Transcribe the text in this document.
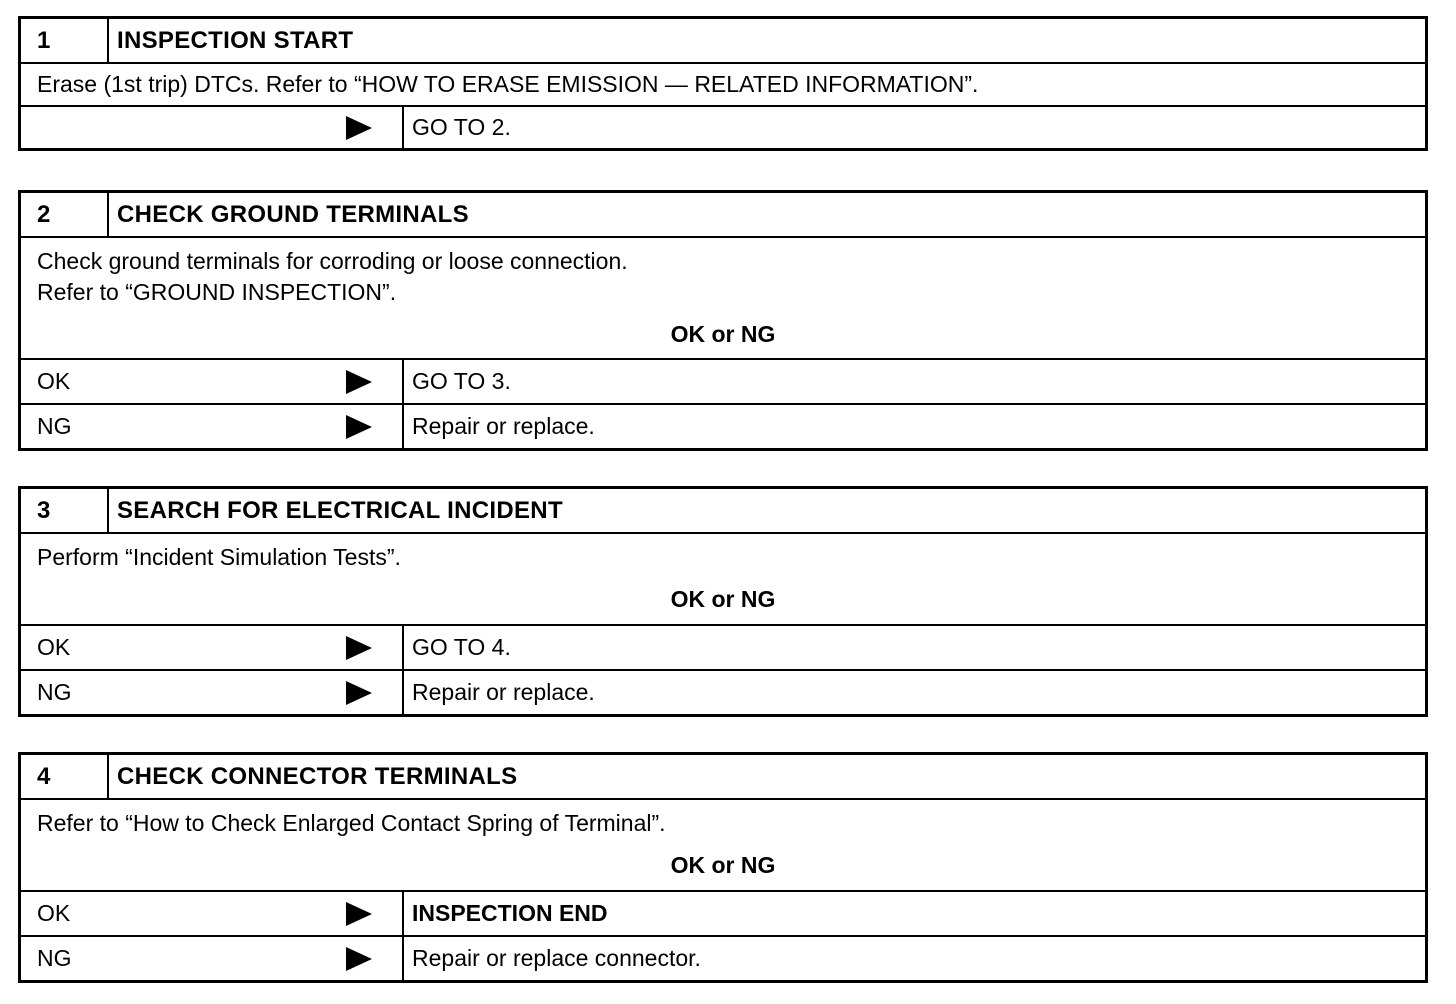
1	INSPECTION START

Erase (1st trip) DTCs. Refer to “HOW TO ERASE EMISSION — RELATED INFORMATION”.

GO TO 2.
2	CHECK GROUND TERMINALS

Check ground terminals for corroding or loose connection.

Refer to “GROUND INSPECTION”.

OK or NG
OK	GO TO 3.
NG	Repair or replace.
3	SEARCH FOR ELECTRICAL INCIDENT

Perform “Incident Simulation Tests”.

OK or NG
OK	GO TO 4.
NG	Repair or replace.
4	CHECK CONNECTOR TERMINALS

Refer to “How to Check Enlarged Contact Spring of Terminal”.

OK or NG
OK	INSPECTION END
NG	Repair or replace connector.
